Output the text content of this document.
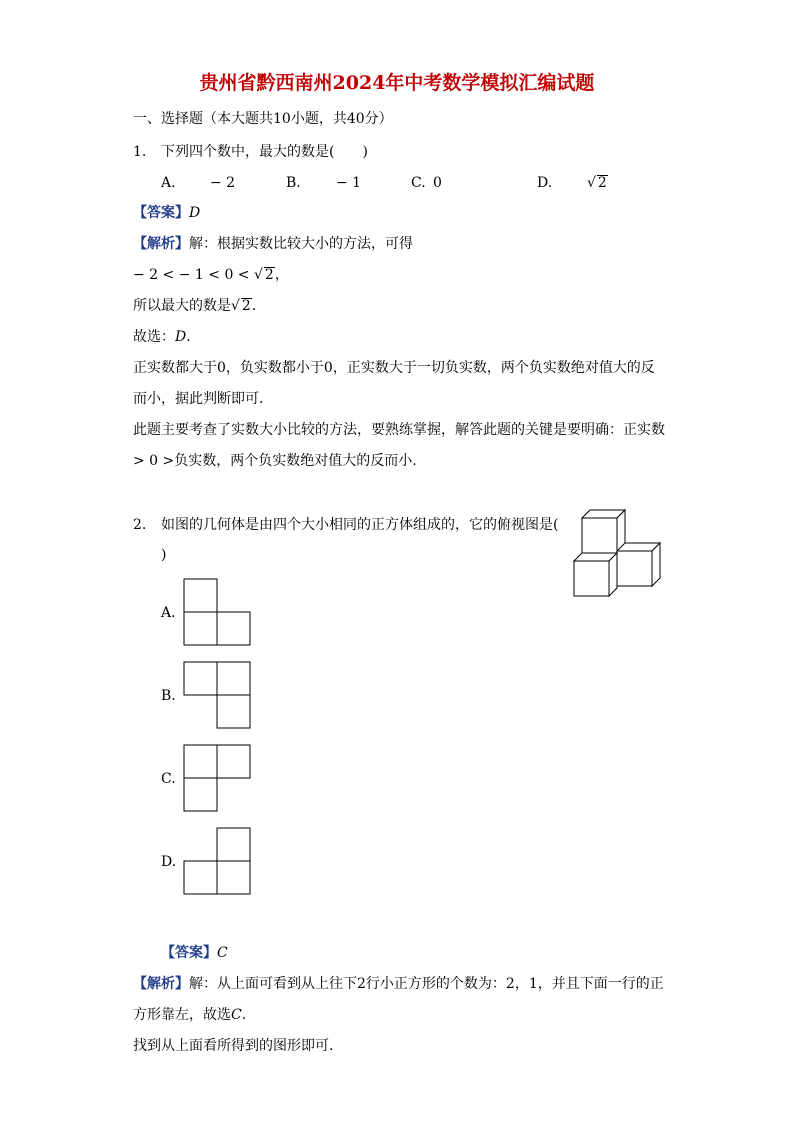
贵州省黔西南州2024年中考数学模拟汇编试题
一、选择题（本大题共10小题，共40分）
1. 下列四个数中，最大的数是(　　)
A. − 2	B.	− 1	C. 0	D. √ 2
【答案】D
【解析】解：根据实数比较大小的方法，可得
− 2 < − 1 < 0 < √ 2，
所以最大的数是√ 2.
故选：D.
正实数都大于0，负实数都小于0，正实数大于一切负实数，两个负实数绝对值大的反
而小，据此判断即可．
此题主要考查了实数大小比较的方法，要熟练掌握，解答此题的关键是要明确：正实数
> 0 >负实数，两个负实数绝对值大的反而小.
2. 如图的几何体是由四个大小相同的正方体组成的，它的俯视图是(
)
A.
B.
C.
D.
【答案】C
【解析】解：从上面可看到从上往下2行小正方形的个数为：2，1，并且下面一行的正
方形靠左，故选C.
找到从上面看所得到的图形即可．
